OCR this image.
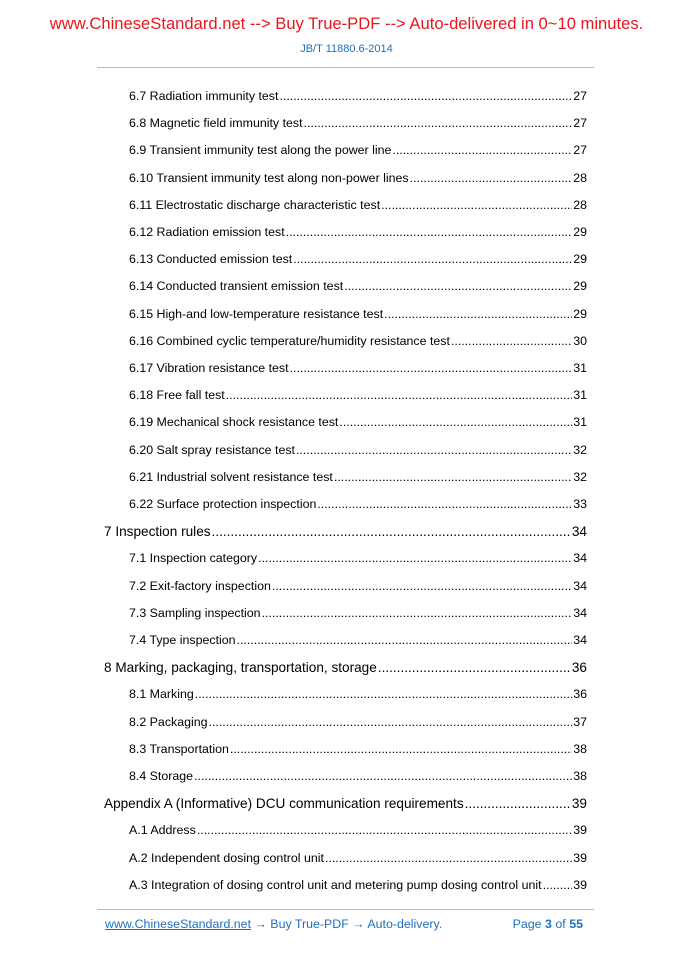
www.ChineseStandard.net --> Buy True-PDF --> Auto-delivered in 0~10 minutes.
JB/T 11880.6-2014
6.7 Radiation immunity test .....	27
6.8 Magnetic field immunity test .....	27
6.9 Transient immunity test along the power line .....	27
6.10 Transient immunity test along non-power lines .....	28
6.11 Electrostatic discharge characteristic test .....	28
6.12 Radiation emission test .....	29
6.13 Conducted emission test .....	29
6.14 Conducted transient emission test .....	29
6.15 High-and low-temperature resistance test .....	29
6.16 Combined cyclic temperature/humidity resistance test .....	30
6.17 Vibration resistance test .....	31
6.18 Free fall test .....	31
6.19 Mechanical shock resistance test .....	31
6.20 Salt spray resistance test .....	32
6.21 Industrial solvent resistance test .....	32
6.22 Surface protection inspection .....	33
7 Inspection rules .....	34
7.1 Inspection category .....	34
7.2 Exit-factory inspection .....	34
7.3 Sampling inspection .....	34
7.4 Type inspection .....	34
8 Marking, packaging, transportation, storage .....	36
8.1 Marking .....	36
8.2 Packaging .....	37
8.3 Transportation .....	38
8.4 Storage .....	38
Appendix A (Informative) DCU communication requirements .....	39
A.1 Address .....	39
A.2 Independent dosing control unit .....	39
A.3 Integration of dosing control unit and metering pump dosing control unit .....	39
www.ChineseStandard.net → Buy True-PDF → Auto-delivery.	Page 3 of 55
